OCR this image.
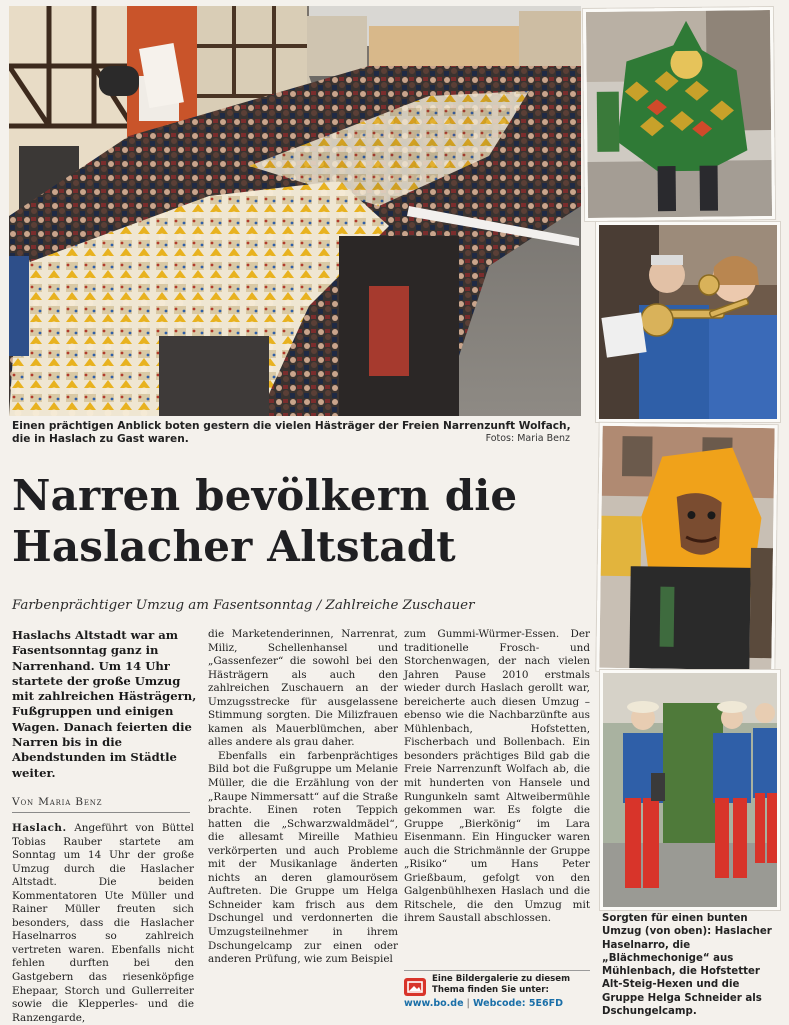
Einen prächtigen Anblick boten gestern die vielen Hästräger der Freien Narrenzunft Wolfach, die in Haslach zu Gast waren.	Fotos: Maria Benz

Narren bevölkern die
Haslacher Altstadt
Farbenprächtiger Umzug am Fasentsonntag / Zahlreiche Zuschauer
Haslachs Altstadt war am Fasentsonntag ganz in Narrenhand. Um 14 Uhr startete der große Umzug mit zahlreichen Hästrägern, Fußgruppen und einigen Wagen. Danach feierten die Narren bis in die Abendstunden im Städtle weiter.
Von Maria Benz

Haslach. Angeführt von Büttel Tobias Rauber startete am Sonntag um 14 Uhr der große Umzug durch die Haslacher Altstadt. Die beiden Kommentatoren Ute Müller und Rainer Müller freuten sich besonders, dass die Haslacher Haselnarros so zahlreich vertreten waren. Ebenfalls nicht fehlen durften bei den Gastgebern das riesenköpfige Ehepaar, Storch und Gullerreiter sowie die Klepperles- und die Ranzengarde,

die Marketenderinnen, Narrenrat, Miliz, Schellenhansel und „Gassenfezer“ die sowohl bei den Hästrägern als auch den zahlreichen Zuschauern an der Umzugsstrecke für ausgelassene Stimmung sorgten. Die Milizfrauen kamen als Mauerblümchen, aber alles andere als grau daher.

Ebenfalls ein farbenprächtiges Bild bot die Fußgruppe um Melanie Müller, die die Erzählung von der „Raupe Nimmersatt“ auf die Straße brachte. Einen roten Teppich hatten die „Schwarzwaldmädel“, die allesamt Mireille Mathieu verkörperten und auch Probleme mit der Musikanlage änderten nichts an deren glamourösem Auftreten. Die Gruppe um Helga Schneider kam frisch aus dem Dschungel und verdonnerten die Umzugsteilnehmer in ihrem Dschungelcamp zur einen oder anderen Prüfung, wie zum Beispiel

zum Gummi-Würmer-Essen. Der traditionelle Frosch- und Storchenwagen, der nach vielen Jahren Pause 2010 erstmals wieder durch Haslach gerollt war, bereicherte auch diesen Umzug – ebenso wie die Nachbarzünfte aus Mühlenbach, Hofstetten, Fischerbach und Bollenbach. Ein besonders prächtiges Bild gab die Freie Narrenzunft Wolfach ab, die mit hunderten von Hansele und Rungunkeln samt Altweibermühle gekommen war. Es folgte die Gruppe „Bierkönig“ im Lara Eisenmann. Ein Hingucker waren auch die Strichmännle der Gruppe „Risiko“ um Hans Peter Grießbaum, gefolgt von den Galgenbühlhexen Haslach und die Ritschele, die den Umzug mit ihrem Saustall abschlossen.

Eine Bildergalerie zu diesem Thema finden Sie unter:
www.bo.de | Webcode: 5E6FD
Sorgten für einen bunten Umzug (von oben): Haslacher Haselnarro, die „Blächmechonige“ aus Mühlenbach, die Hofstetter Alt-Steig-Hexen und die Gruppe Helga Schneider als Dschungelcamp.
